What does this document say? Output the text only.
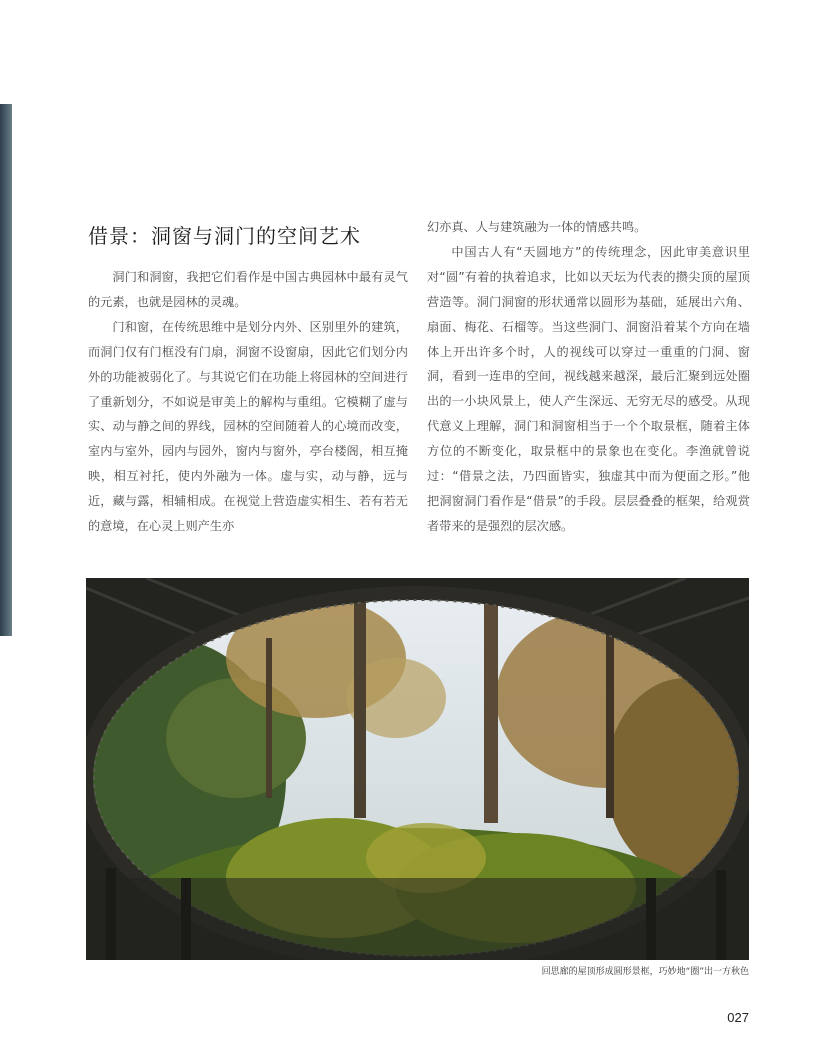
借景：洞窗与洞门的空间艺术

洞门和洞窗，我把它们看作是中国古典园林中最有灵气的元素，也就是园林的灵魂。

门和窗，在传统思维中是划分内外、区别里外的建筑，而洞门仅有门框没有门扇，洞窗不设窗扇，因此它们划分内外的功能被弱化了。与其说它们在功能上将园林的空间进行了重新划分，不如说是审美上的解构与重组。它模糊了虚与实、动与静之间的界线，园林的空间随着人的心境而改变，室内与室外，园内与园外，窗内与窗外，亭台楼阁，相互掩映，相互衬托，使内外融为一体。虚与实，动与静，远与近，藏与露，相辅相成。在视觉上营造虚实相生、若有若无的意境，在心灵上则产生亦

幻亦真、人与建筑融为一体的情感共鸣。

中国古人有“天圆地方”的传统理念，因此审美意识里对“圆”有着的执着追求，比如以天坛为代表的攒尖顶的屋顶营造等。洞门洞窗的形状通常以圆形为基础，延展出六角、扇面、梅花、石榴等。当这些洞门、洞窗沿着某个方向在墙体上开出许多个时，人的视线可以穿过一重重的门洞、窗洞，看到一连串的空间，视线越来越深，最后汇聚到远处圈出的一小块风景上，使人产生深远、无穷无尽的感受。从现代意义上理解，洞门和洞窗相当于一个个取景框，随着主体方位的不断变化，取景框中的景象也在变化。李渔就曾说过：“借景之法，乃四面皆实，独虚其中而为便面之形。”他把洞窗洞门看作是“借景”的手段。层层叠叠的框架，给观赏者带来的是强烈的层次感。

回思廊的屋顶形成圆形景框，巧妙地“圈”出一方秋色
027
